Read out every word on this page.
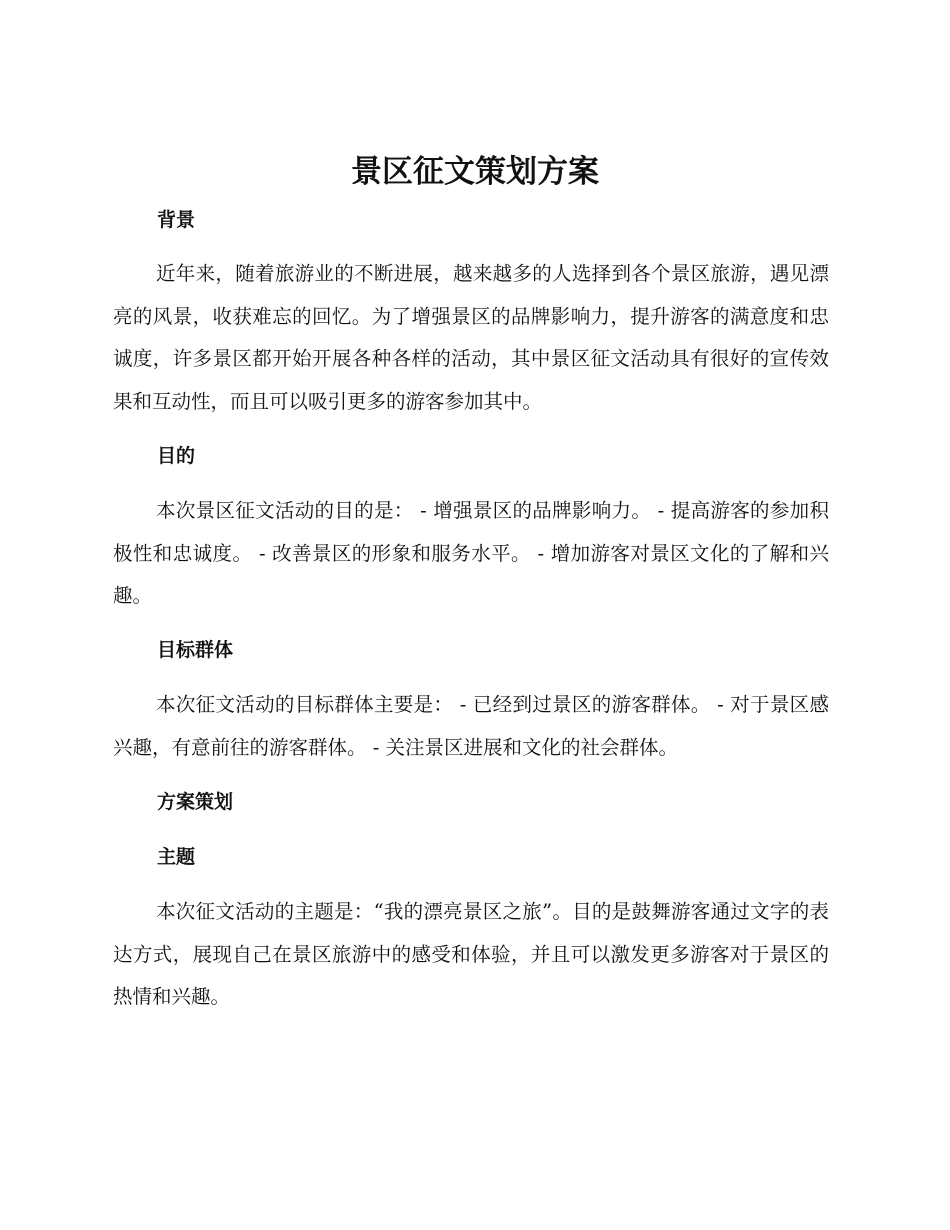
景区征文策划方案
背景

近年来，随着旅游业的不断进展，越来越多的人选择到各个景区旅游，遇见漂亮的风景，收获难忘的回忆。为了增强景区的品牌影响力，提升游客的满意度和忠诚度，许多景区都开始开展各种各样的活动，其中景区征文活动具有很好的宣传效果和互动性，而且可以吸引更多的游客参加其中。

目的

本次景区征文活动的目的是： - 增强景区的品牌影响力。 - 提高游客的参加积极性和忠诚度。 - 改善景区的形象和服务水平。 - 增加游客对景区文化的了解和兴趣。

目标群体

本次征文活动的目标群体主要是： - 已经到过景区的游客群体。 - 对于景区感兴趣，有意前往的游客群体。 - 关注景区进展和文化的社会群体。

方案策划
主题

本次征文活动的主题是：“我的漂亮景区之旅”。目的是鼓舞游客通过文字的表达方式，展现自己在景区旅游中的感受和体验，并且可以激发更多游客对于景区的热情和兴趣。
